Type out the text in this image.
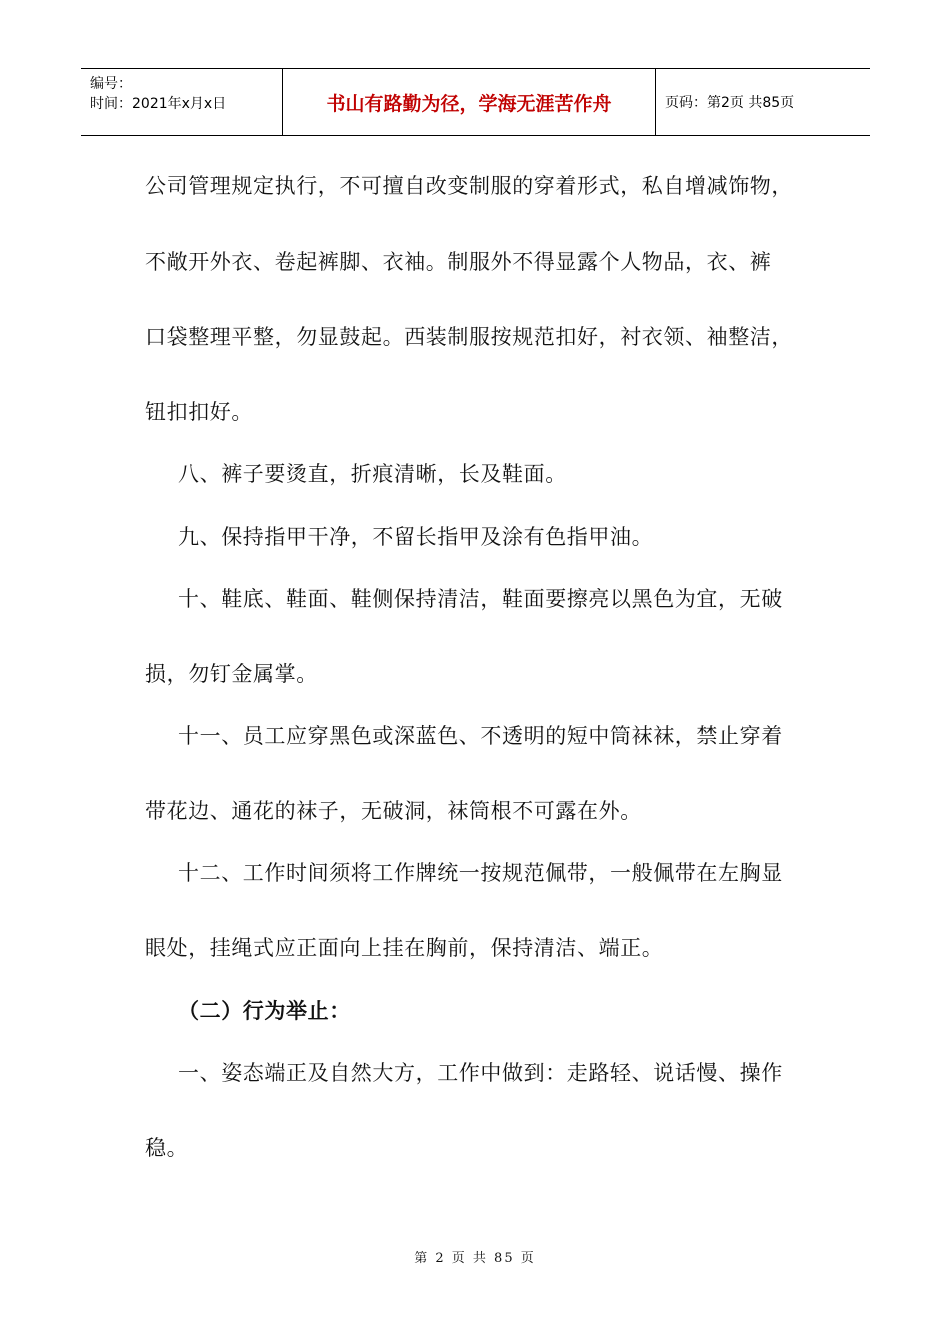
编号：
时间：2021年x月x日	书山有路勤为径，学海无涯苦作舟	页码：第2页 共85页
公司管理规定执行，不可擅自改变制服的穿着形式，私自增减饰物，
不敞开外衣、卷起裤脚、衣袖。制服外不得显露个人物品，衣、裤
口袋整理平整，勿显鼓起。西装制服按规范扣好，衬衣领、袖整洁，
钮扣扣好。
八、裤子要烫直，折痕清晰，长及鞋面。
九、保持指甲干净，不留长指甲及涂有色指甲油。
十、鞋底、鞋面、鞋侧保持清洁，鞋面要擦亮以黑色为宜，无破
损，勿钉金属掌。
十一、员工应穿黑色或深蓝色、不透明的短中筒袜袜，禁止穿着
带花边、通花的袜子，无破洞，袜筒根不可露在外。
十二、工作时间须将工作牌统一按规范佩带，一般佩带在左胸显
眼处，挂绳式应正面向上挂在胸前，保持清洁、端正。
（二）行为举止：
一、姿态端正及自然大方，工作中做到：走路轻、说话慢、操作
稳。
第 2 页 共 85 页
